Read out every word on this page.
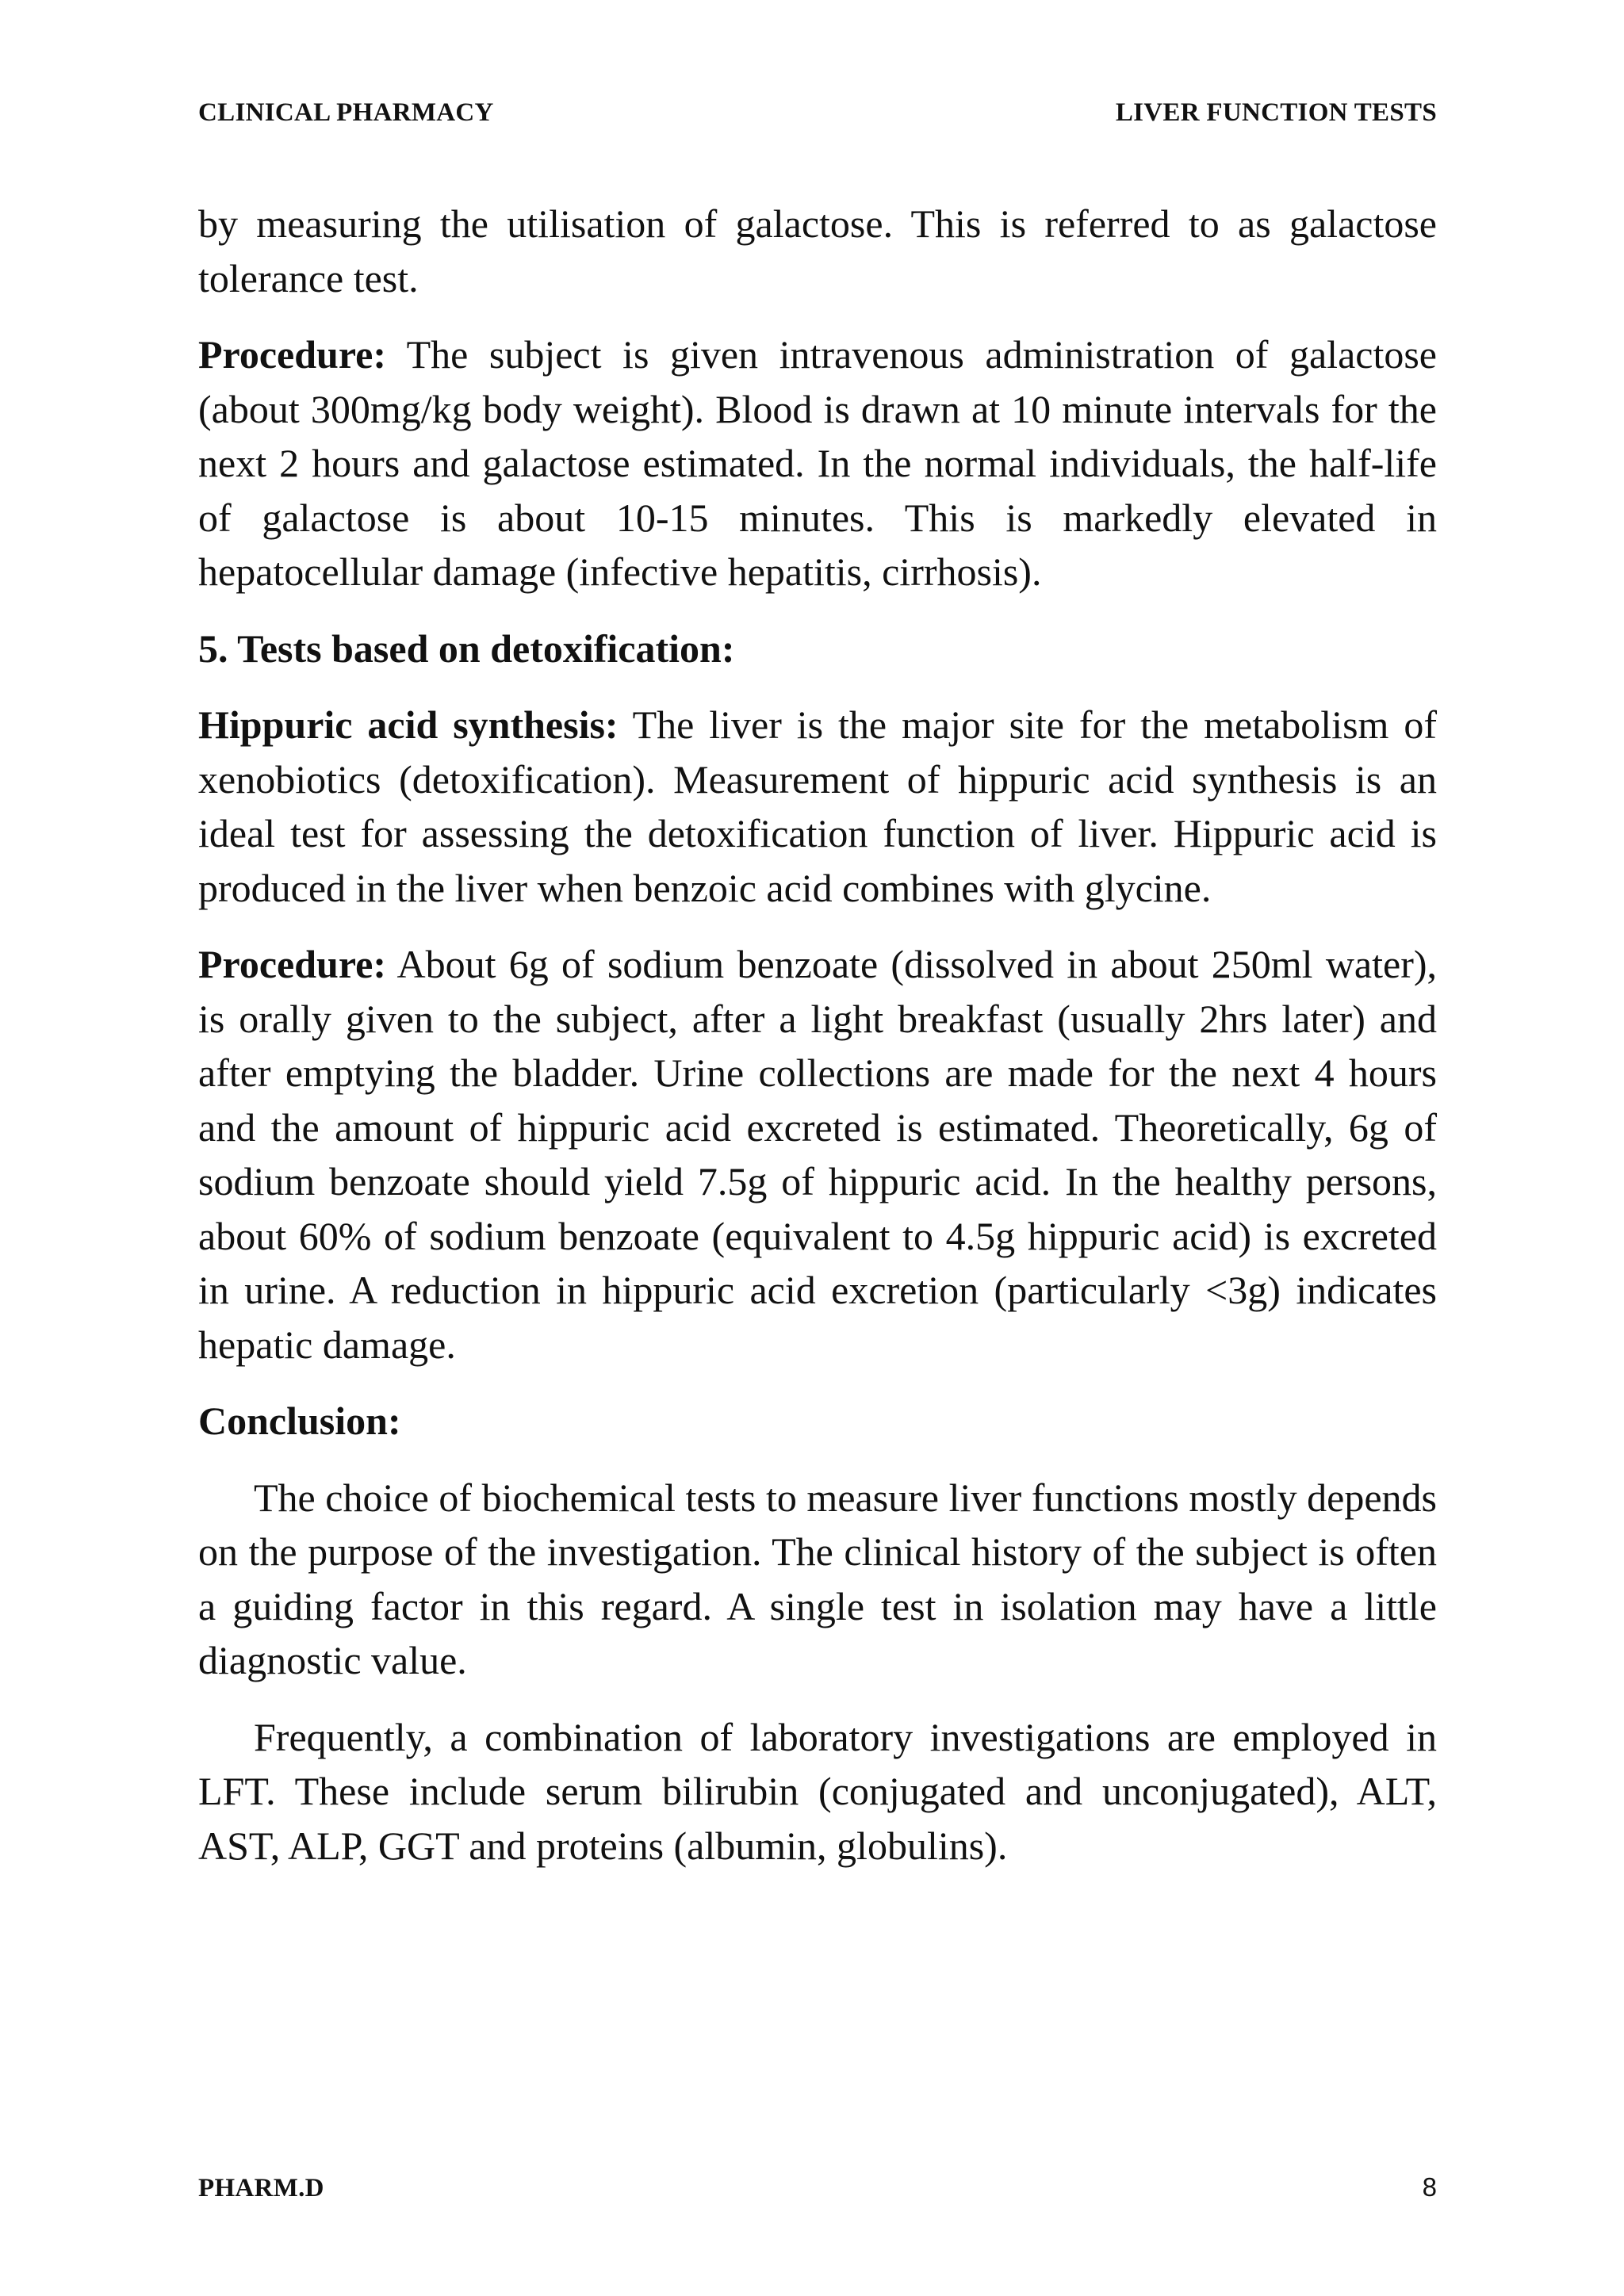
CLINICAL PHARMACY	LIVER FUNCTION TESTS

by measuring the utilisation of galactose. This is referred to as galactose tolerance test.

Procedure: The subject is given intravenous administration of galactose (about 300mg/kg body weight). Blood is drawn at 10 minute intervals for the next 2 hours and galactose estimated. In the normal individuals, the half-life of galactose is about 10-15 minutes. This is markedly elevated in hepatocellular damage (infective hepatitis, cirrhosis).

5. Tests based on detoxification:

Hippuric acid synthesis: The liver is the major site for the metabolism of xenobiotics (detoxification). Measurement of hippuric acid synthesis is an ideal test for assessing the detoxification function of liver. Hippuric acid is produced in the liver when benzoic acid combines with glycine.

Procedure: About 6g of sodium benzoate (dissolved in about 250ml water), is orally given to the subject, after a light breakfast (usually 2hrs later) and after emptying the bladder. Urine collections are made for the next 4 hours and the amount of hippuric acid excreted is estimated. Theoretically, 6g of sodium benzoate should yield 7.5g of hippuric acid. In the healthy persons, about 60% of sodium benzoate (equivalent to 4.5g hippuric acid) is excreted in urine. A reduction in hippuric acid excretion (particularly <3g) indicates hepatic damage.

Conclusion:

The choice of biochemical tests to measure liver functions mostly depends on the purpose of the investigation. The clinical history of the subject is often a guiding factor in this regard. A single test in isolation may have a little diagnostic value.

Frequently, a combination of laboratory investigations are employed in LFT. These include serum bilirubin (conjugated and unconjugated), ALT, AST, ALP, GGT and proteins (albumin, globulins).

PHARM.D	8
